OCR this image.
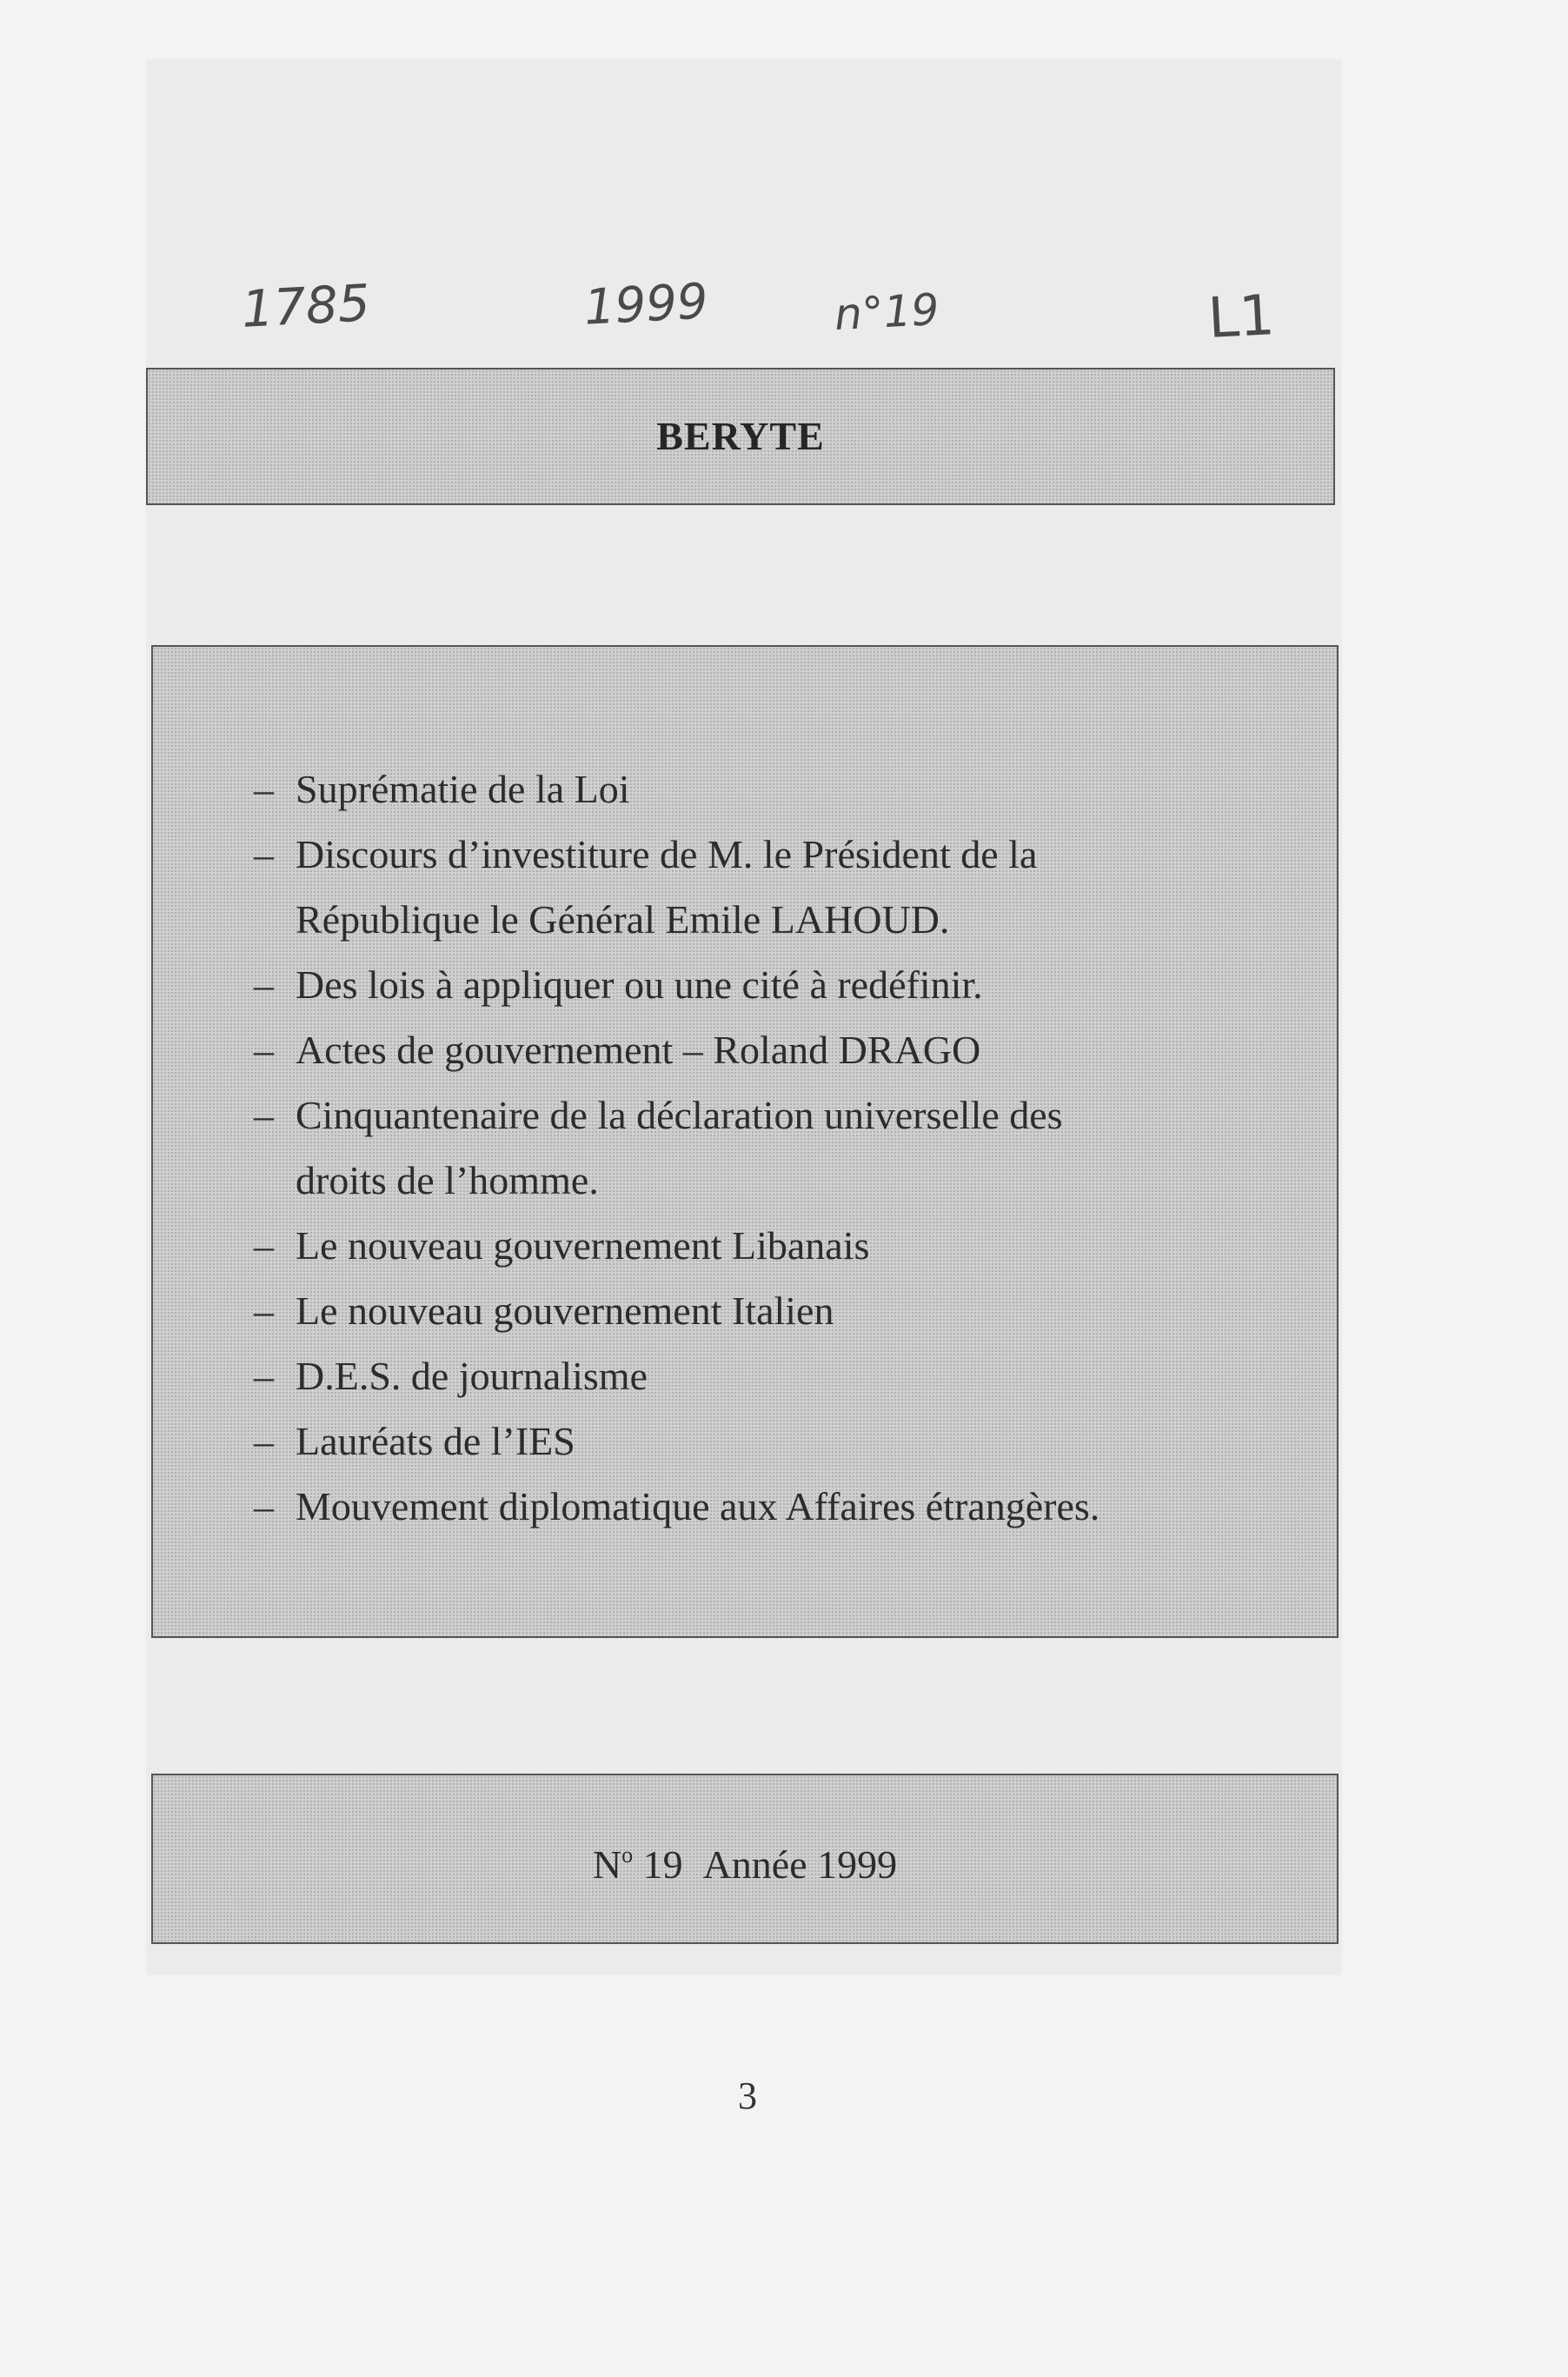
1785	1999	n°19	L1
BERYTE
– Suprématie de la Loi
– Discours d’investiture de M. le Président de la
République le Général Emile LAHOUD.
– Des lois à appliquer ou une cité à redéfinir.
– Actes de gouvernement – Roland DRAGO
– Cinquantenaire de la déclaration universelle des
droits de l’homme.
– Le nouveau gouvernement Libanais
– Le nouveau gouvernement Italien
– D.E.S. de journalisme
– Lauréats de l’IES
– Mouvement diplomatique aux Affaires étrangères.
$N^o$ 19 Année 1999
3
